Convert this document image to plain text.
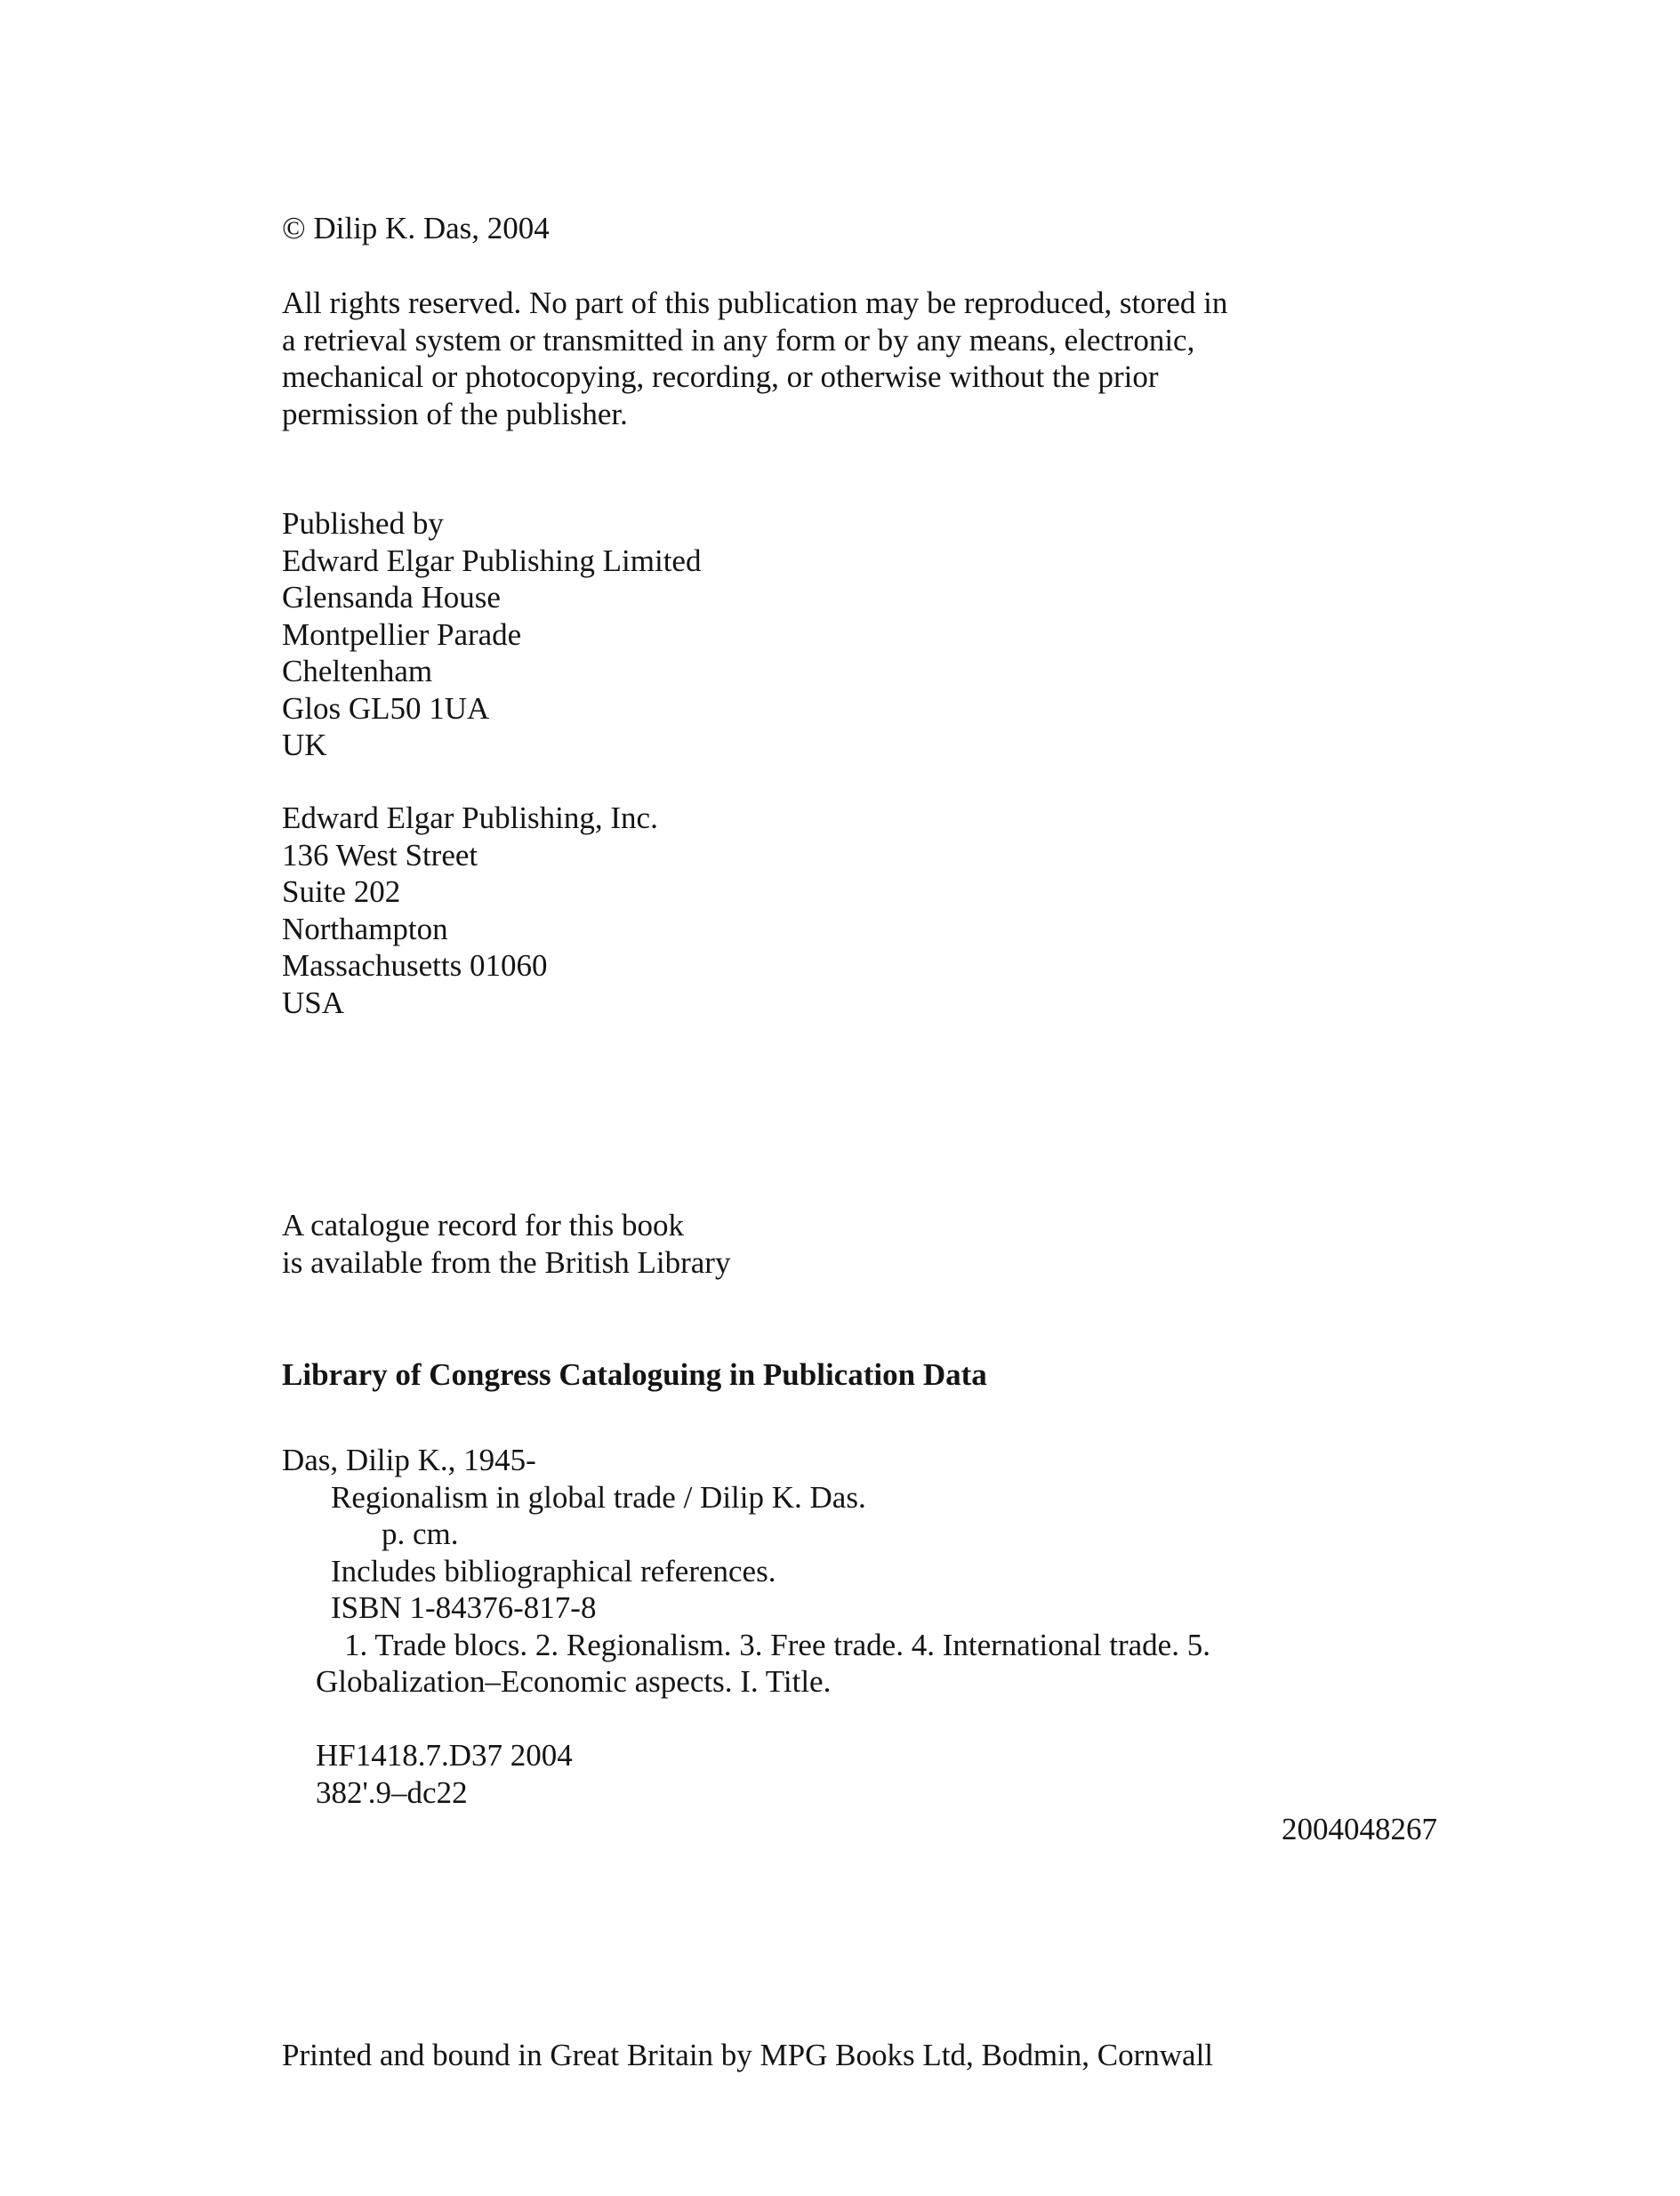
© Dilip K. Das, 2004
All rights reserved. No part of this publication may be reproduced, stored in
a retrieval system or transmitted in any form or by any means, electronic,
mechanical or photocopying, recording, or otherwise without the prior
permission of the publisher.
Published by
Edward Elgar Publishing Limited
Glensanda House
Montpellier Parade
Cheltenham
Glos GL50 1UA
UK
Edward Elgar Publishing, Inc.
136 West Street
Suite 202
Northampton
Massachusetts 01060
USA
A catalogue record for this book
is available from the British Library
Library of Congress Cataloguing in Publication Data
Das, Dilip K., 1945-
Regionalism in global trade / Dilip K. Das.
p. cm.
Includes bibliographical references.
ISBN 1-84376-817-8
1. Trade blocs. 2. Regionalism. 3. Free trade. 4. International trade. 5.
Globalization–Economic aspects. I. Title.
HF1418.7.D37 2004
382'.9–dc22
2004048267
Printed and bound in Great Britain by MPG Books Ltd, Bodmin, Cornwall
